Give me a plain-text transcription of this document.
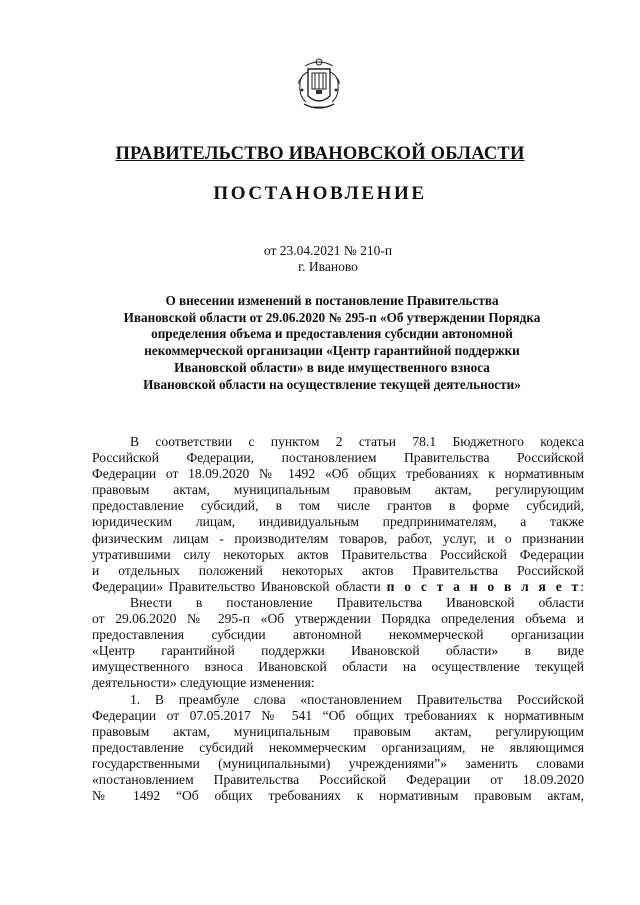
ПРАВИТЕЛЬСТВО ИВАНОВСКОЙ ОБЛАСТИ
ПОСТАНОВЛЕНИЕ
от 23.04.2021 № 210-п
г. Иваново
О внесении изменений в постановление Правительства
Ивановской области от 29.06.2020 № 295-п «Об утверждении Порядка
определения объема и предоставления субсидии автономной
некоммерческой организации «Центр гарантийной поддержки
Ивановской области» в виде имущественного взноса
Ивановской области на осуществление текущей деятельности»
В соответствии с пунктом 2 статьи 78.1 Бюджетного кодекса
Российской Федерации, постановлением Правительства Российской
Федерации от 18.09.2020 № 1492 «Об общих требованиях к нормативным
правовым актам, муниципальным правовым актам, регулирующим
предоставление субсидий, в том числе грантов в форме субсидий,
юридическим лицам, индивидуальным предпринимателям, а также
физическим лицам - производителям товаров, работ, услуг, и о признании
утратившими силу некоторых актов Правительства Российской Федерации
и отдельных положений некоторых актов Правительства Российской
Федерации» Правительство Ивановской области п о с т а н о в л я е т:
Внести в постановление Правительства Ивановской области
от 29.06.2020 № 295-п «Об утверждении Порядка определения объема и
предоставления субсидии автономной некоммерческой организации
«Центр гарантийной поддержки Ивановской области» в виде
имущественного взноса Ивановской области на осуществление текущей
деятельности» следующие изменения:
1. В преамбуле слова «постановлением Правительства Российской
Федерации от 07.05.2017 № 541 “Об общих требованиях к нормативным
правовым актам, муниципальным правовым актам, регулирующим
предоставление субсидий некоммерческим организациям, не являющимся
государственными (муниципальными) учреждениями”» заменить словами
«постановлением Правительства Российской Федерации от 18.09.2020
№ 1492 “Об общих требованиях к нормативным правовым актам,
